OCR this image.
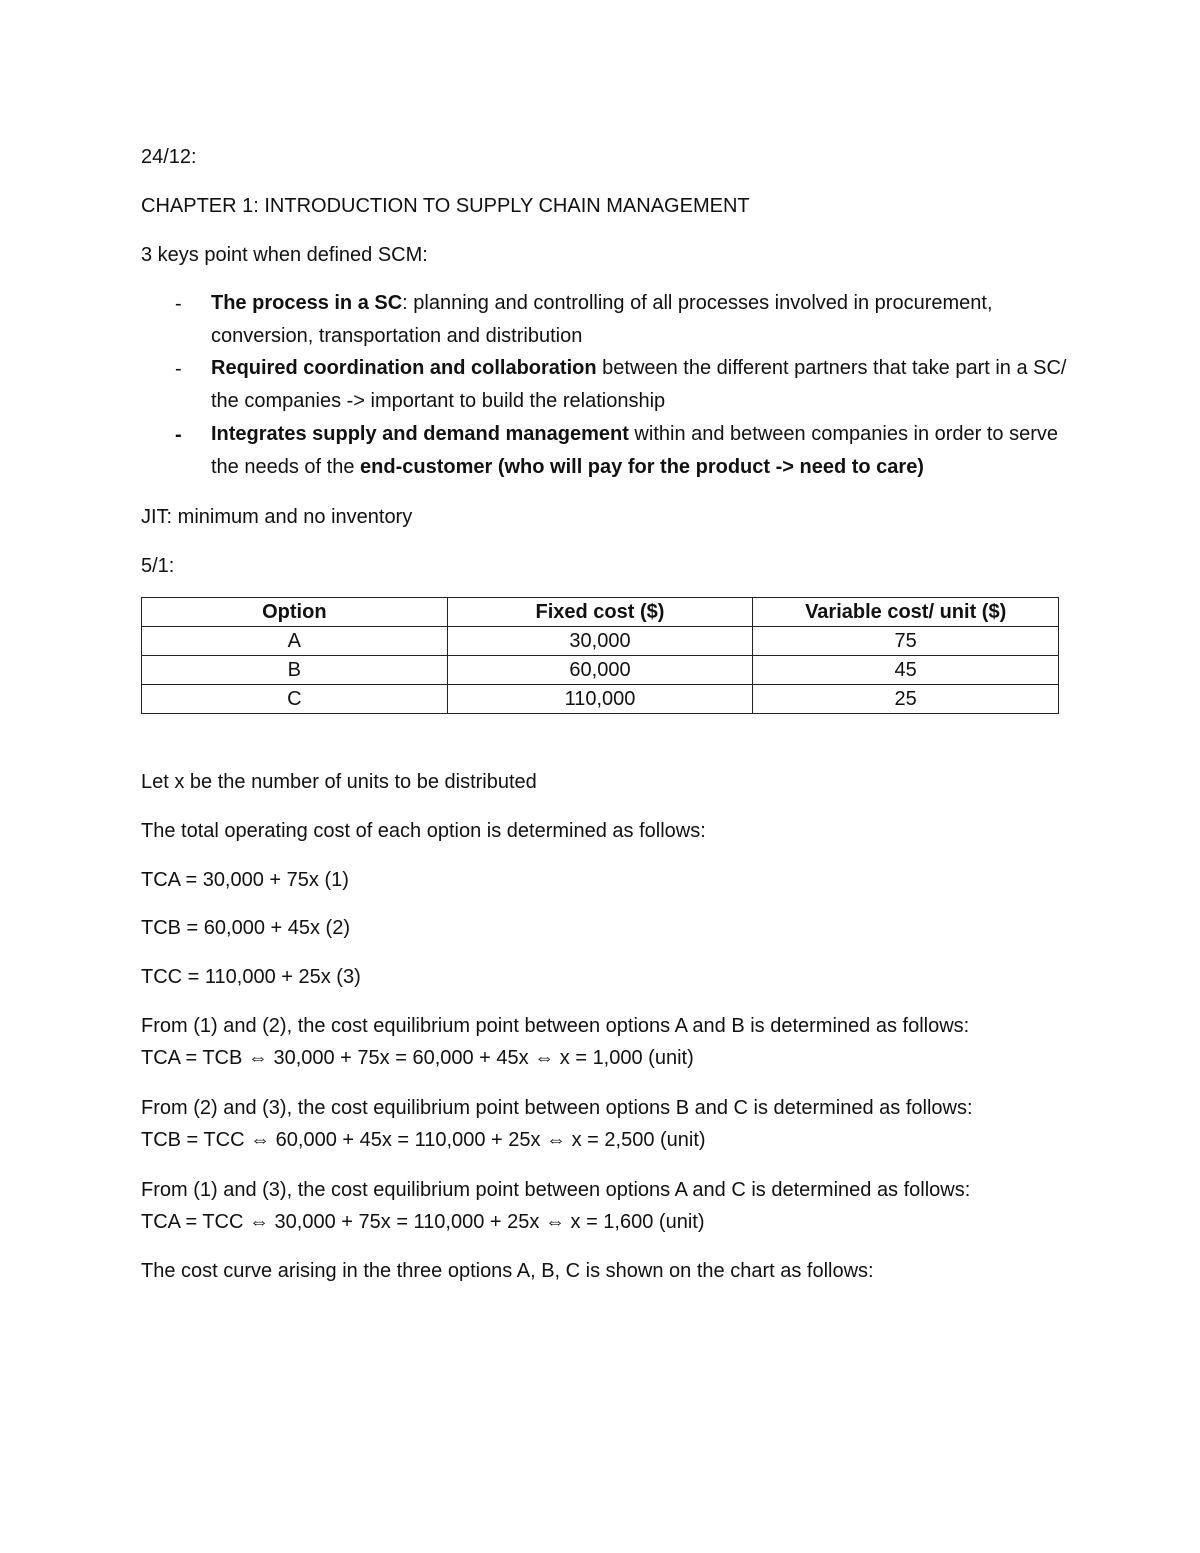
24/12:
CHAPTER 1: INTRODUCTION TO SUPPLY CHAIN MANAGEMENT
3 keys point when defined SCM:
- The process in a SC: planning and controlling of all processes involved in procurement, conversion, transportation and distribution
- Required coordination and collaboration between the different partners that take part in a SC/ the companies -> important to build the relationship
- Integrates supply and demand management within and between companies in order to serve the needs of the end-customer (who will pay for the product -> need to care)
JIT: minimum and no inventory
5/1:
Option	Fixed cost ($)	Variable cost/ unit ($)
A	30,000	75
B	60,000	45
C	110,000	25
Let x be the number of units to be distributed
The total operating cost of each option is determined as follows:
TCA = 30,000 + 75x (1)
TCB = 60,000 + 45x (2)
TCC = 110,000 + 25x (3)
From (1) and (2), the cost equilibrium point between options A and B is determined as follows:
TCA = TCB ⇔ 30,000 + 75x = 60,000 + 45x ⇔ x = 1,000 (unit)
From (2) and (3), the cost equilibrium point between options B and C is determined as follows:
TCB = TCC ⇔ 60,000 + 45x = 110,000 + 25x ⇔ x = 2,500 (unit)
From (1) and (3), the cost equilibrium point between options A and C is determined as follows:
TCA = TCC ⇔ 30,000 + 75x = 110,000 + 25x ⇔ x = 1,600 (unit)
The cost curve arising in the three options A, B, C is shown on the chart as follows:
